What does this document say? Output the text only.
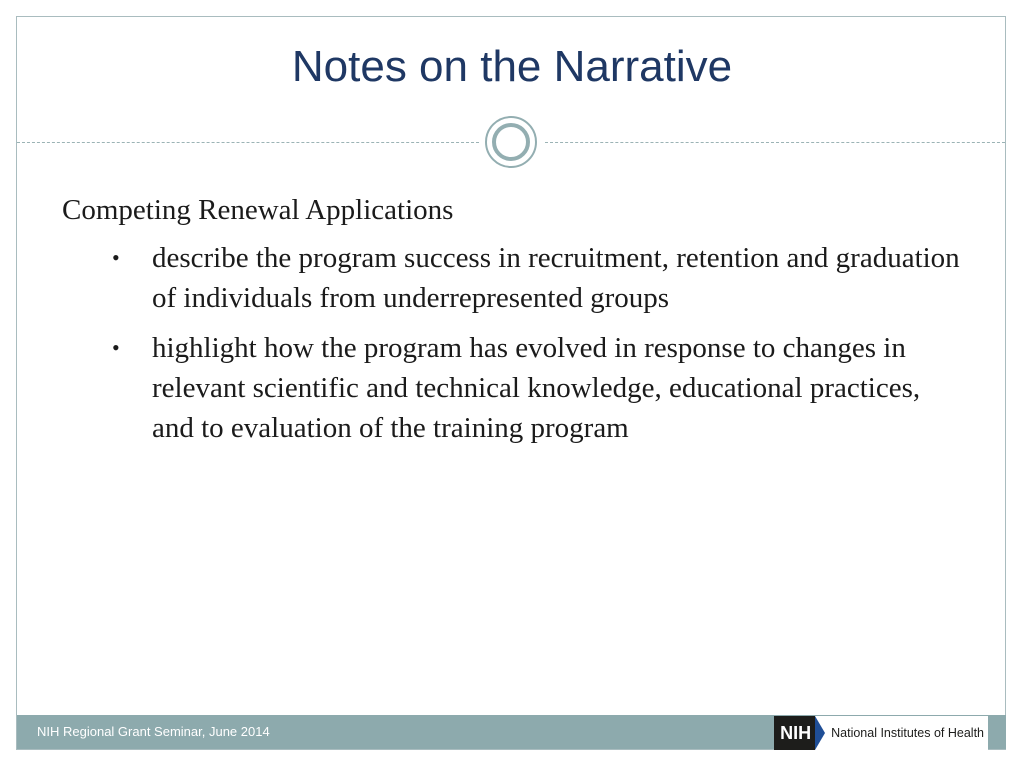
Notes on the Narrative
Competing Renewal Applications
• describe the program success in recruitment, retention and graduation of individuals from underrepresented groups
• highlight how the program has evolved in response to changes in relevant scientific and technical knowledge, educational practices, and to evaluation of the training program
NIH Regional Grant Seminar, June 2014	NIH	National Institutes of Health
